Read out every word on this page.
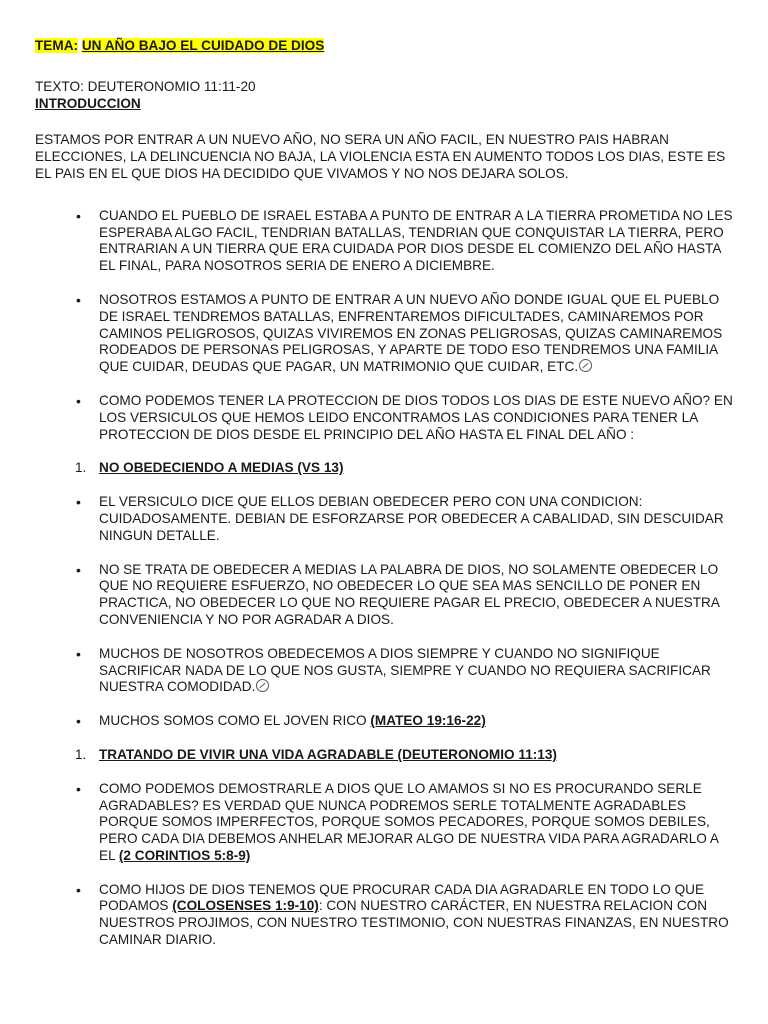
TEMA: UN AÑO BAJO EL CUIDADO DE DIOS

TEXTO: DEUTERONOMIO 11:11-20

INTRODUCCION

ESTAMOS POR ENTRAR A UN NUEVO AÑO, NO SERA UN AÑO FACIL, EN NUESTRO PAIS HABRAN ELECCIONES, LA DELINCUENCIA NO BAJA, LA VIOLENCIA ESTA EN AUMENTO TODOS LOS DIAS, ESTE ES EL PAIS EN EL QUE DIOS HA DECIDIDO QUE VIVAMOS Y NO NOS DEJARA SOLOS.

• CUANDO EL PUEBLO DE ISRAEL ESTABA A PUNTO DE ENTRAR A LA TIERRA PROMETIDA NO LES ESPERABA ALGO FACIL, TENDRIAN BATALLAS, TENDRIAN QUE CONQUISTAR LA TIERRA, PERO ENTRARIAN A UN TIERRA QUE ERA CUIDADA POR DIOS DESDE EL COMIENZO DEL AÑO HASTA EL FINAL, PARA NOSOTROS SERIA DE ENERO A DICIEMBRE.
• NOSOTROS ESTAMOS A PUNTO DE ENTRAR A UN NUEVO AÑO DONDE IGUAL QUE EL PUEBLO DE ISRAEL TENDREMOS BATALLAS, ENFRENTAREMOS DIFICULTADES, CAMINAREMOS POR CAMINOS PELIGROSOS, QUIZAS VIVIREMOS EN ZONAS PELIGROSAS, QUIZAS CAMINAREMOS RODEADOS DE PERSONAS PELIGROSAS, Y APARTE DE TODO ESO TENDREMOS UNA FAMILIA QUE CUIDAR, DEUDAS QUE PAGAR, UN MATRIMONIO QUE CUIDAR, ETC.
• COMO PODEMOS TENER LA PROTECCION DE DIOS TODOS LOS DIAS DE ESTE NUEVO AÑO? EN LOS VERSICULOS QUE HEMOS LEIDO ENCONTRAMOS LAS CONDICIONES PARA TENER LA PROTECCION DE DIOS DESDE EL PRINCIPIO DEL AÑO HASTA EL FINAL DEL AÑO :
1. NO OBEDECIENDO A MEDIAS (VS 13)
• EL VERSICULO DICE QUE ELLOS DEBIAN OBEDECER PERO CON UNA CONDICION: CUIDADOSAMENTE. DEBIAN DE ESFORZARSE POR OBEDECER A CABALIDAD, SIN DESCUIDAR NINGUN DETALLE.
• NO SE TRATA DE OBEDECER A MEDIAS LA PALABRA DE DIOS, NO SOLAMENTE OBEDECER LO QUE NO REQUIERE ESFUERZO, NO OBEDECER LO QUE SEA MAS SENCILLO DE PONER EN PRACTICA, NO OBEDECER LO QUE NO REQUIERE PAGAR EL PRECIO, OBEDECER A NUESTRA CONVENIENCIA Y NO POR AGRADAR A DIOS.
• MUCHOS DE NOSOTROS OBEDECEMOS A DIOS SIEMPRE Y CUANDO NO SIGNIFIQUE SACRIFICAR NADA DE LO QUE NOS GUSTA, SIEMPRE Y CUANDO NO REQUIERA SACRIFICAR NUESTRA COMODIDAD.
• MUCHOS SOMOS COMO EL JOVEN RICO (MATEO 19:16-22)
1. TRATANDO DE VIVIR UNA VIDA AGRADABLE (DEUTERONOMIO 11:13)
• COMO PODEMOS DEMOSTRARLE A DIOS QUE LO AMAMOS SI NO ES PROCURANDO SERLE AGRADABLES? ES VERDAD QUE NUNCA PODREMOS SERLE TOTALMENTE AGRADABLES PORQUE SOMOS IMPERFECTOS, PORQUE SOMOS PECADORES, PORQUE SOMOS DEBILES, PERO CADA DIA DEBEMOS ANHELAR MEJORAR ALGO DE NUESTRA VIDA PARA AGRADARLO A EL (2 CORINTIOS 5:8-9)
• COMO HIJOS DE DIOS TENEMOS QUE PROCURAR CADA DIA AGRADARLE EN TODO LO QUE PODAMOS (COLOSENSES 1:9-10): CON NUESTRO CARÁCTER, EN NUESTRA RELACION CON NUESTROS PROJIMOS, CON NUESTRO TESTIMONIO, CON NUESTRAS FINANZAS, EN NUESTRO CAMINAR DIARIO.
